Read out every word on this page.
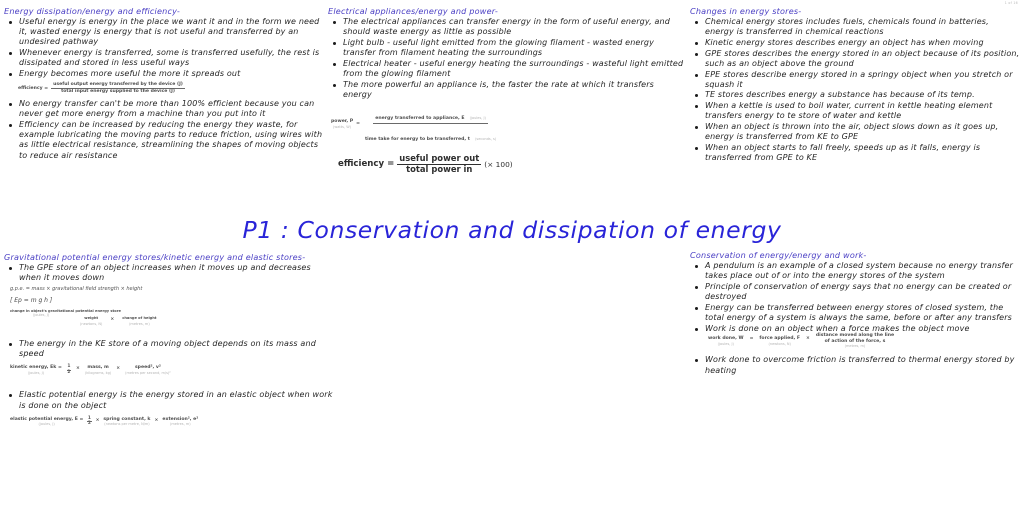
1 of 16
Energy dissipation/energy and efficiency-
Useful energy is energy in the place we want it and in the form we need it, wasted energy is energy that is not useful and transferred by an undesired pathway
Whenever energy is transferred, some is transferred usefully, the rest is dissipated and stored in less useful ways
Energy becomes more useful the more it spreads out
efficiency = $\frac{\text{useful output energy transferred by the device (J)}}{\text{total input energy supplied to the device (J)}}$
No energy transfer can't be more than 100% efficient because you can never get more energy from a machine than you put into it
Efficiency can be increased by reducing the energy they waste, for example lubricating the moving parts to reduce friction, using wires with as little electrical resistance, streamlining the shapes of moving objects to reduce air resistance
Electrical appliances/energy and power-
The electrical appliances can transfer energy in the form of useful energy, and should waste energy as little as possible
Light bulb - useful light emitted from the glowing filament - wasted energy transfer from filament heating the surroundings
Electrical heater - useful energy heating the surroundings - wasteful light emitted from the glowing filament
The more powerful an appliance is, the faster the rate at which it transfers energy
power, P
(watts, W)
=
energy transferred to appliance, E (joules, J)
time take for energy to be transferred, t (seconds, s)
efficiency = $\frac{\text{useful power out}}{\text{total power in}}$ (× 100)
Changes in energy stores-
Chemical energy stores includes fuels, chemicals found in batteries, energy is transferred in chemical reactions
Kinetic energy stores describes energy an object has when moving
GPE stores describes the energy stored in an object because of its position, such as an object above the ground
EPE stores describe energy stored in a springy object when you stretch or squash it
TE stores describes energy a substance has because of its temp.
When a kettle is used to boil water, current in kettle heating element transfers energy to te store of water and kettle
When an object is thrown into the air, object slows down as it goes up, energy is transferred from KE to GPE
When an object starts to fall freely, speeds up as it falls, energy is transferred from GPE to KE
P1 : Conservation and dissipation of energy
Gravitational potential energy stores/kinetic energy and elastic stores-
The GPE store of an object increases when it moves up and decreases when it moves down
g.p.e. = mass × gravitational field strength × height
[ Ep = m g h ]
change in object's gravitational potential energy store
(joules, J)
weight
(newtons, N)
× change of height
(metres, m)
The energy in the KE store of a moving object depends on its mass and speed
kinetic energy, Ek =
(joules, J)	$\frac{1}{2}$ ×	mass, m
(kilograms, kg)
×	speed², v²
(metres per second, m/s)²
Elastic potential energy is the energy stored in an elastic object when work is done on the object
elastic potential energy, E =
(joules, J)	$\frac{1}{2}$ × spring constant, k
(newtons per metre, N/m)
× extension², e²
(metres, m)
Conservation of energy/energy and work-
A pendulum is an example of a closed system because no energy transfer takes place out of or into the energy stores of the system
Principle of conservation of energy says that no energy can be created or destroyed
Energy can be transferred between energy stores of closed system, the total energy of a system is always the same, before or after any transfers
Work is done on an object when a force makes the object move
work done, W
(joules, J)
= force applied, F
(newtons, N)
×
distance moved along the line
of action of the force, s
(metres, m)
Work done to overcome friction is transferred to thermal energy stored by heating
